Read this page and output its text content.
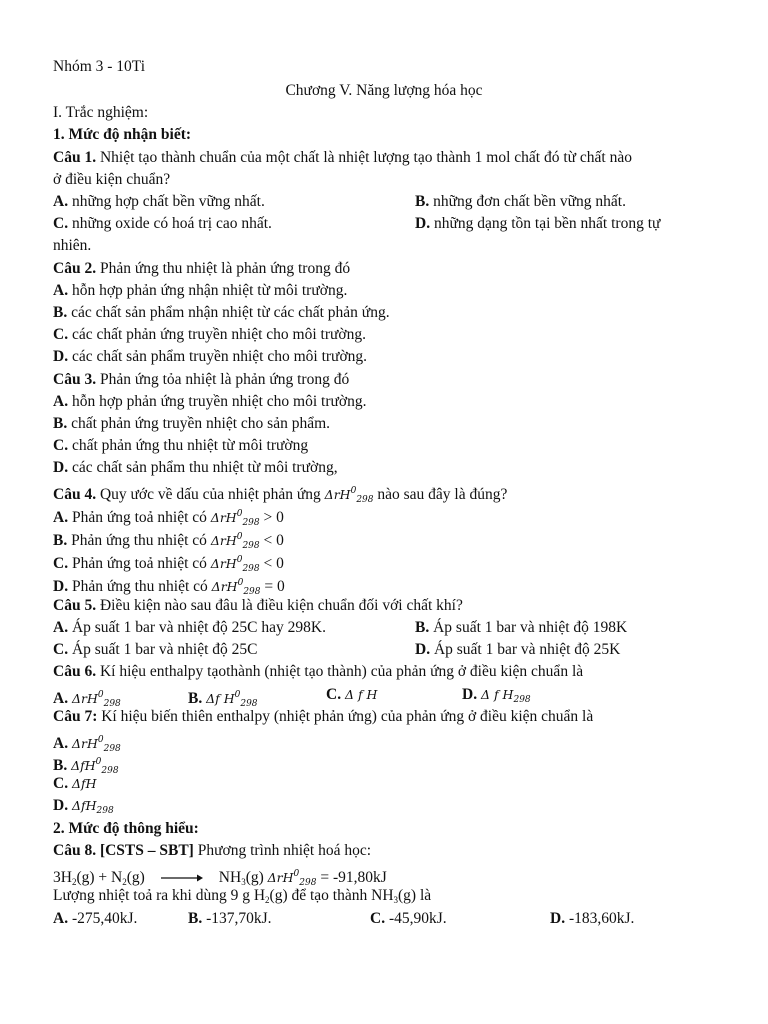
Nhóm 3 - 10Ti
Chương V. Năng lượng hóa học
I. Trắc nghiệm:
1. Mức độ nhận biết:
Câu 1. Nhiệt tạo thành chuẩn của một chất là nhiệt lượng tạo thành 1 mol chất đó từ chất nào
ở điều kiện chuẩn?
A. những hợp chất bền vững nhất.	B. những đơn chất bền vững nhất.
C. những oxide có hoá trị cao nhất.	D. những dạng tồn tại bền nhất trong tự
nhiên.
Câu 2. Phản ứng thu nhiệt là phản ứng trong đó
A. hỗn hợp phản ứng nhận nhiệt từ môi trường.
B. các chất sản phẩm nhận nhiệt từ các chất phản ứng.
C. các chất phản ứng truyền nhiệt cho môi trường.
D. các chất sản phẩm truyền nhiệt cho môi trường.
Câu 3. Phản ứng tỏa nhiệt là phản ứng trong đó
A. hỗn hợp phản ứng truyền nhiệt cho môi trường.
B. chất phản ứng truyền nhiệt cho sản phẩm.
C. chất phản ứng thu nhiệt từ môi trường
D. các chất sản phẩm thu nhiệt từ môi trường,
Câu 4. Quy ước về dấu của nhiệt phản ứng ΔrH$^0_{298}$ nào sau đây là đúng?
A. Phản ứng toả nhiệt có ΔrH$^0_{298}$ > 0
B. Phản ứng thu nhiệt có ΔrH$^0_{298}$ < 0
C. Phản ứng toả nhiệt có ΔrH$^0_{298}$ < 0
D. Phản ứng thu nhiệt có ΔrH$^0_{298}$ = 0
Câu 5. Điều kiện nào sau đâu là điều kiện chuẩn đối với chất khí?
A. Áp suất 1 bar và nhiệt độ 25C hay 298K.	B. Áp suất 1 bar và nhiệt độ 198K
C. Áp suất 1 bar và nhiệt độ 25C	D. Áp suất 1 bar và nhiệt độ 25K
Câu 6. Kí hiệu enthalpy tạothành (nhiệt tạo thành) của phản ứng ở điều kiện chuẩn là
A. ΔrH$^0_{298}$	B. Δf $H^0_{298}$
C. Δ f H	D. Δ f $H_{298}$
Câu 7: Kí hiệu biến thiên enthalpy (nhiệt phản ứng) của phản ứng ở điều kiện chuẩn là
A. ΔrH$^0_{298}$
B. ΔfH$^0_{298}$
C. ΔfH
D. ΔfH$_{298}$
2. Mức độ thông hiểu:
Câu 8. [CSTS – SBT] Phương trình nhiệt hoá học:
$3H_2(g) + N_2(g) \to NH_3(g) \Delta rH^0_{298} = -91,80kJ$
Lượng nhiệt toả ra khi dùng 9 g $H_2(g)$ để tạo thành $NH_3(g)$ là
A. -275,40kJ.	B. -137,70kJ.	C. -45,90kJ.	D. -183,60kJ.
